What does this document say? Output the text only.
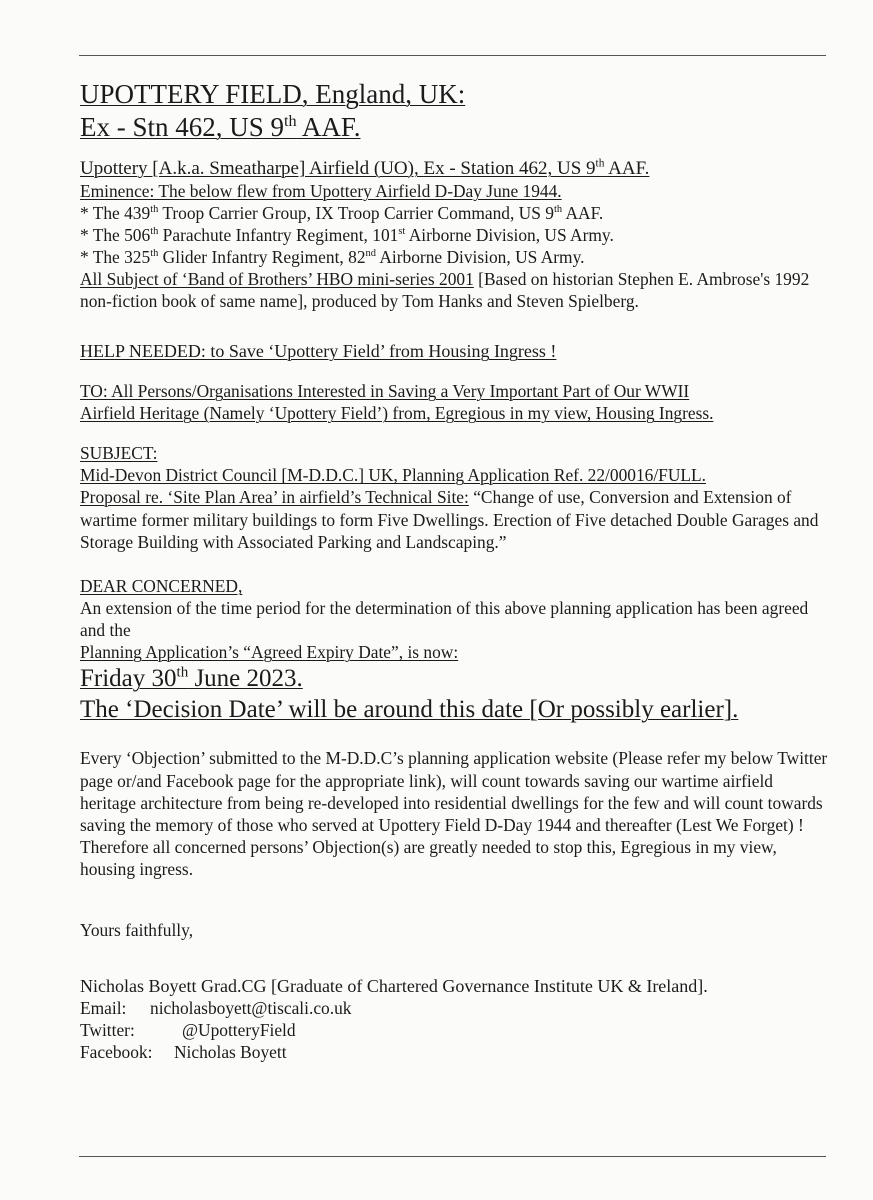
UPOTTERY FIELD, England, UK:

Ex - Stn 462, US 9th AAF.

Upottery [A.k.a. Smeatharpe] Airfield (UO), Ex - Station 462, US 9th AAF.

Eminence: The below flew from Upottery Airfield D-Day June 1944.

* The 439th Troop Carrier Group, IX Troop Carrier Command, US 9th AAF.

* The 506th Parachute Infantry Regiment, 101st Airborne Division, US Army.

* The 325th Glider Infantry Regiment, 82nd Airborne Division, US Army.

All Subject of ‘Band of Brothers’ HBO mini-series 2001 [Based on historian Stephen E. Ambrose's 1992 non-fiction book of same name], produced by Tom Hanks and Steven Spielberg.

HELP NEEDED: to Save ‘Upottery Field’ from Housing Ingress !

TO: All Persons/Organisations Interested in Saving a Very Important Part of Our WWII

Airfield Heritage (Namely ‘Upottery Field’) from, Egregious in my view, Housing Ingress.

SUBJECT:

Mid-Devon District Council [M-D.D.C.] UK, Planning Application Ref. 22/00016/FULL.

Proposal re. ‘Site Plan Area’ in airfield’s Technical Site: “Change of use, Conversion and Extension of wartime former military buildings to form Five Dwellings. Erection of Five detached Double Garages and Storage Building with Associated Parking and Landscaping.”

DEAR CONCERNED,

An extension of the time period for the determination of this above planning application has been agreed and the

Planning Application’s “Agreed Expiry Date”, is now:

Friday 30th June 2023.

The ‘Decision Date’ will be around this date [Or possibly earlier].

Every ‘Objection’ submitted to the M-D.D.C’s planning application website (Please refer my below Twitter page or/and Facebook page for the appropriate link), will count towards saving our wartime airfield heritage architecture from being re-developed into residential dwellings for the few and will count towards saving the memory of those who served at Upottery Field D-Day 1944 and thereafter (Lest We Forget) !

Therefore all concerned persons’ Objection(s) are greatly needed to stop this, Egregious in my view, housing ingress.

Yours faithfully,

Nicholas Boyett Grad.CG [Graduate of Chartered Governance Institute UK & Ireland].

Email:	nicholasboyett@tiscali.co.uk
Twitter:	@UpotteryField
Facebook:	Nicholas Boyett
